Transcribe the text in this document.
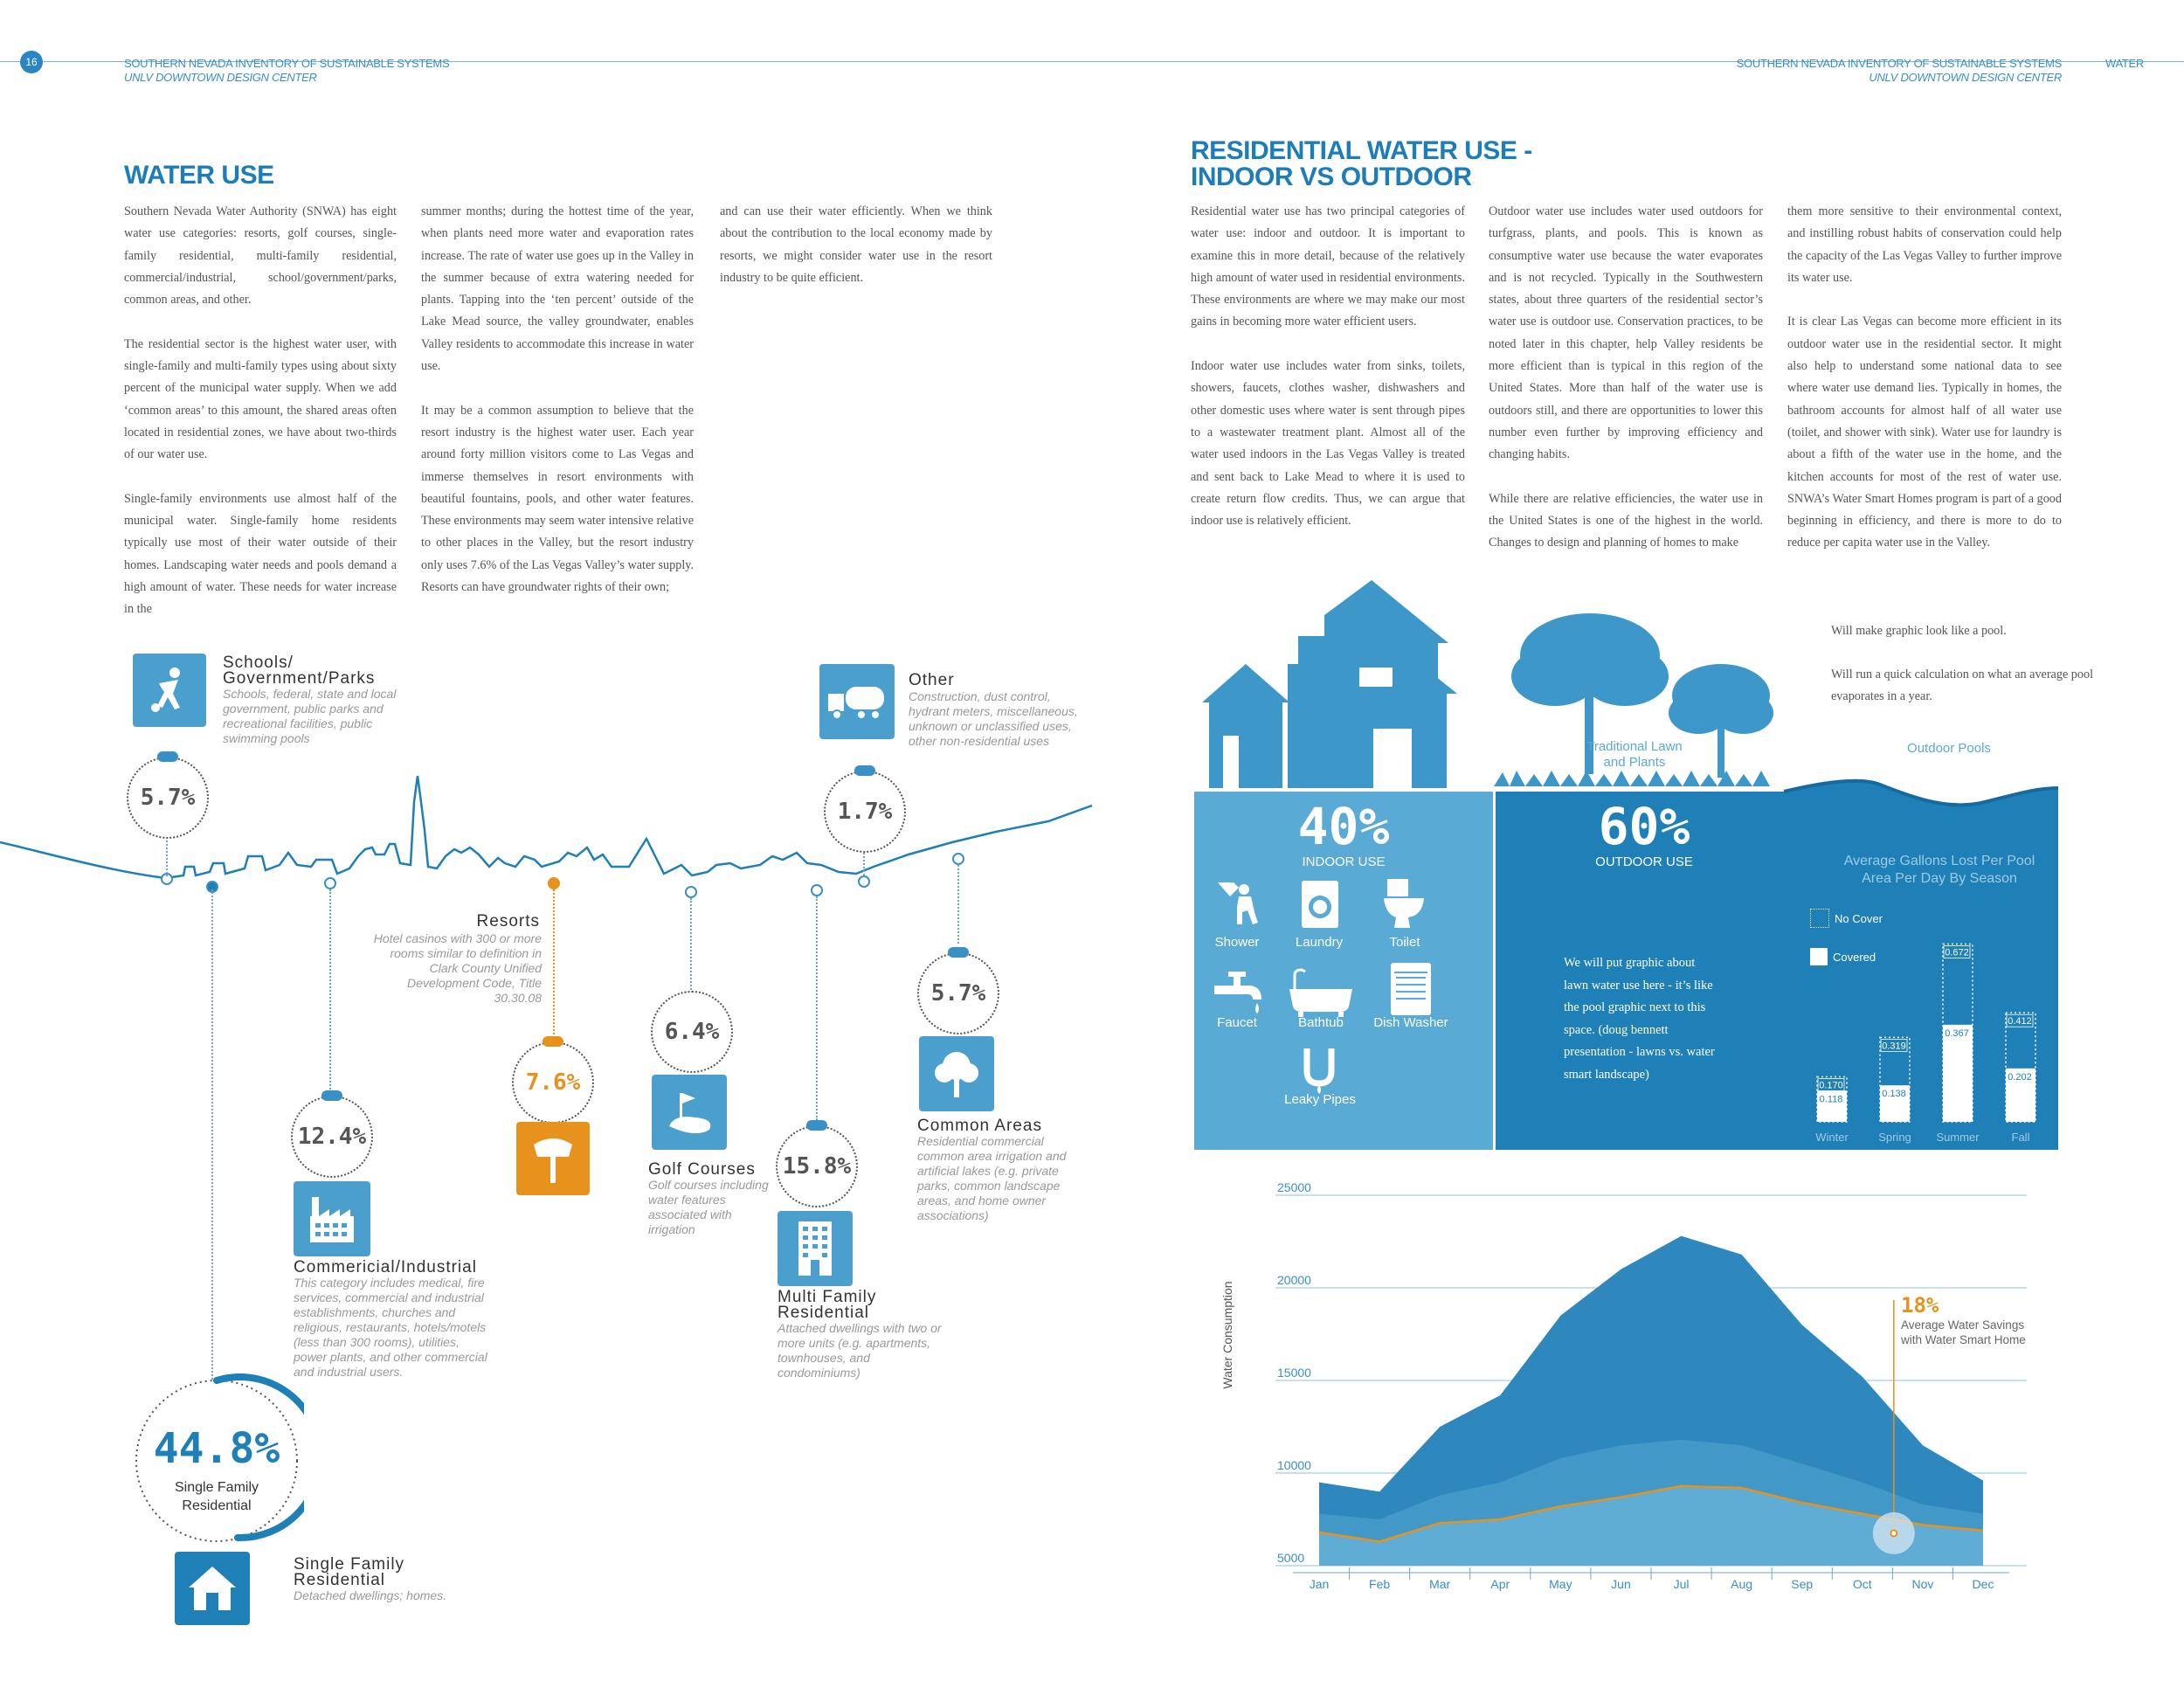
16	SOUTHERN NEVADA INVENTORY OF SUSTAINABLE SYSTEMS
UNLV DOWNTOWN DESIGN CENTER
SOUTHERN NEVADA INVENTORY OF SUSTAINABLE SYSTEMS
UNLV DOWNTOWN DESIGN CENTER
WATER
WATER USE

Southern Nevada Water Authority (SNWA) has eight water use categories: resorts, golf courses, single-family residential, multi-family residential, commercial/industrial, school/government/parks, common areas, and other.

The residential sector is the highest water user, with single-family and multi-family types using about sixty percent of the municipal water supply. When we add ‘common areas’ to this amount, the shared areas often located in residential zones, we have about two-thirds of our water use.

Single-family environments use almost half of the municipal water. Single-family home residents typically use most of their water outside of their homes. Landscaping water needs and pools demand a high amount of water. These needs for water increase in the

summer months; during the hottest time of the year, when plants need more water and evaporation rates increase. The rate of water use goes up in the Valley in the summer because of extra watering needed for plants. Tapping into the ‘ten percent’ outside of the Lake Mead source, the valley groundwater, enables Valley residents to accommodate this increase in water use.

It may be a common assumption to believe that the resort industry is the highest water user. Each year around forty million visitors come to Las Vegas and immerse themselves in resort environments with beautiful fountains, pools, and other water features. These environments may seem water intensive relative to other places in the Valley, but the resort industry only uses 7.6% of the Las Vegas Valley’s water supply. Resorts can have groundwater rights of their own;

and can use their water efficiently. When we think about the contribution to the local economy made by resorts, we might consider water use in the resort industry to be quite efficient.

Schools/ Government/Parks
Schools, federal, state and local government, public parks and recreational facilities, public swimming pools
5.7%
Other
Construction, dust control, hydrant meters, miscellaneous, unknown or unclassified uses, other non-residential uses
1.7%
Resorts
Hotel casinos with 300 or more rooms similar to definition in Clark County Unified Development Code, Title 30.30.08
7.6%
6.4%
Golf Courses
Golf courses including water features associated with irrigation
5.7%
Common Areas
Residential commercial common area irrigation and artificial lakes (e.g. private parks, common landscape areas, and home owner associations)
12.4%
Commericial/Industrial
This category includes medical, fire services, commercial and industrial establishments, churches and religious, restaurants, hotels/motels (less than 300 rooms), utilities, power plants, and other commercial and industrial users.
15.8%
Multi Family Residential
Attached dwellings with two or more units (e.g. apartments, townhouses, and condominiums)
44.8%
Single Family Residential
Single Family Residential
Detached dwellings; homes.
RESIDENTIAL WATER USE -
INDOOR VS OUTDOOR

Residential water use has two principal categories of water use: indoor and outdoor. It is important to examine this in more detail, because of the relatively high amount of water used in residential environments. These environments are where we may make our most gains in becoming more water efficient users.

Indoor water use includes water from sinks, toilets, showers, faucets, clothes washer, dishwashers and other domestic uses where water is sent through pipes to a wastewater treatment plant. Almost all of the water used indoors in the Las Vegas Valley is treated and sent back to Lake Mead to where it is used to create return flow credits. Thus, we can argue that indoor use is relatively efficient.

Outdoor water use includes water used outdoors for turfgrass, plants, and pools. This is known as consumptive water use because the water evaporates and is not recycled. Typically in the Southwestern states, about three quarters of the residential sector’s water use is outdoor use. Conservation practices, to be noted later in this chapter, help Valley residents be more efficient than is typical in this region of the United States. More than half of the water use is outdoors still, and there are opportunities to lower this number even further by improving efficiency and changing habits.

While there are relative efficiencies, the water use in the United States is one of the highest in the world. Changes to design and planning of homes to make

them more sensitive to their environmental context, and instilling robust habits of conservation could help the capacity of the Las Vegas Valley to further improve its water use.

It is clear Las Vegas can become more efficient in its outdoor water use in the residential sector. It might also help to understand some national data to see where water use demand lies. Typically in homes, the bathroom accounts for almost half of all water use (toilet, and shower with sink). Water use for laundry is about a fifth of the water use in the home, and the kitchen accounts for most of the rest of water use. SNWA’s Water Smart Homes program is part of a good beginning in efficiency, and there is more to do to reduce per capita water use in the Valley.

Will make graphic look like a pool.
Will run a quick calculation on what an average pool evaporates in a year.
Traditional Lawn and Plants
Outdoor Pools
40%
INDOOR USE
Shower	Laundry	Toilet
Faucet	Bathtub	Dish Washer
Leaky Pipes
60%
OUTDOOR USE
We will put graphic about lawn water use here - it’s like the pool graphic next to this space. (doug bennett presentation - lawns vs. water smart landscape)
Average Gallons Lost Per Pool Area Per Day By Season
No Cover
Covered
0.170
0.118
Winter
0.319
0.138
Spring
0.672
0.367
Summer
0.412
0.202
Fall
Water Consumption
5000
10000
15000
20000
25000
Jan	Feb	Mar	Apr	May	Jun	Jul	Aug	Sep	Oct	Nov	Dec
18%
Average Water Savings with Water Smart Home
